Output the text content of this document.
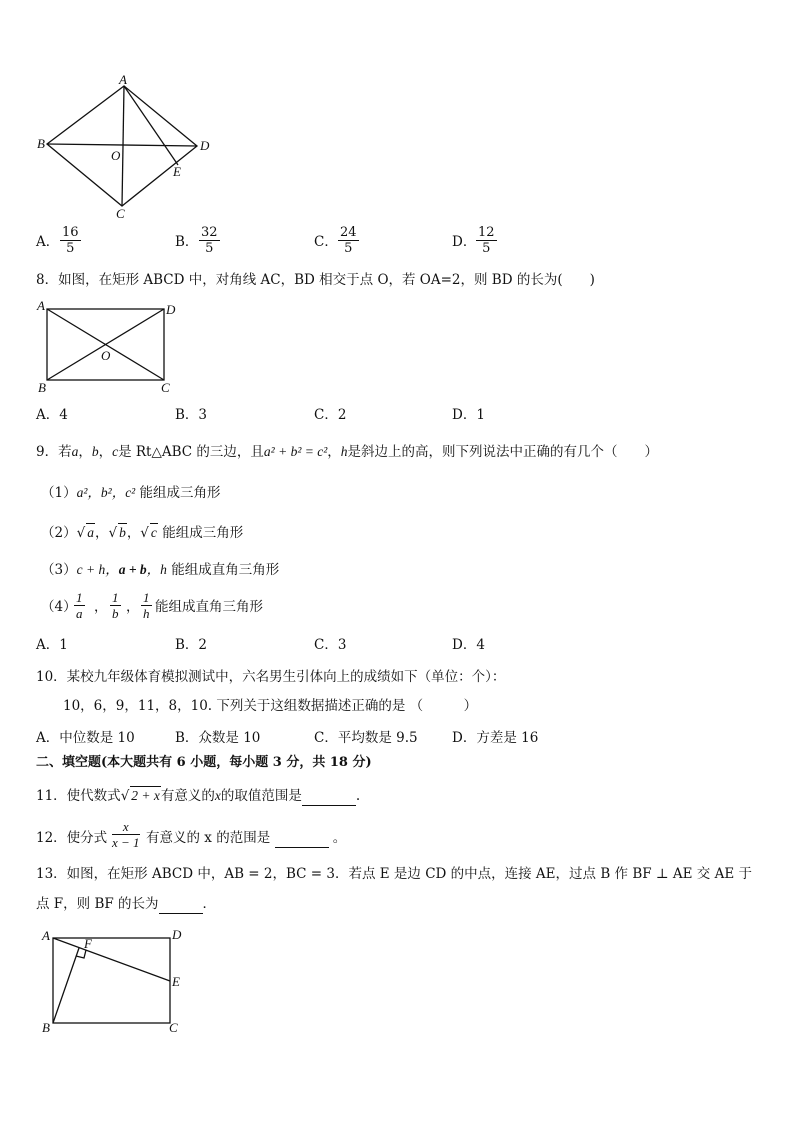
A
B
C
D
O
E
A． $\frac{16}{5}$	B． $\frac{32}{5}$	C． $\frac{24}{5}$	D． $\frac{12}{5}$
8．如图，在矩形 ABCD 中，对角线 AC，BD 相交于点 O，若 OA=2，则 BD 的长为(　　)
A	D
B	C
O
A．4	B．3	C．2	D．1
9．若a，b，c是 Rt△ABC 的三边，且a² + b² = c²，h是斜边上的高，则下列说法中正确的有几个（　　）
（1）a²，b²，c² 能组成三角形
（2）√ a，√ b，√ c 能组成三角形
（3）c + h，a + b，h 能组成直角三角形
（4）
$\frac{1}{a}$ ， $\frac{1}{b}$ ， $\frac{1}{h}$ 能组成直角三角形
A．1	B．2	C．3	D．4
10．某校九年级体育模拟测试中，六名男生引体向上的成绩如下（单位：个）：
10，6，9，11，8，10. 下列关于这组数据描述正确的是 （　　　）
A．中位数是 10	B．众数是 10	C．平均数是 9.5	D．方差是 16
二、填空题(本大题共有 6 小题，每小题 3 分，共 18 分)
11．使代数式√ 2 + x有意义的x的取值范围是	.
12．使分式 $\frac{x}{x - 1}$ 有意义的 x 的范围是	。
13．如图，在矩形 ABCD 中，AB = 2，BC = 3．若点 E 是边 CD 的中点，连接 AE，过点 B 作 BF ⊥ AE 交 AE 于
点 F，则 BF 的长为	．
A
F
D
E
B	C
